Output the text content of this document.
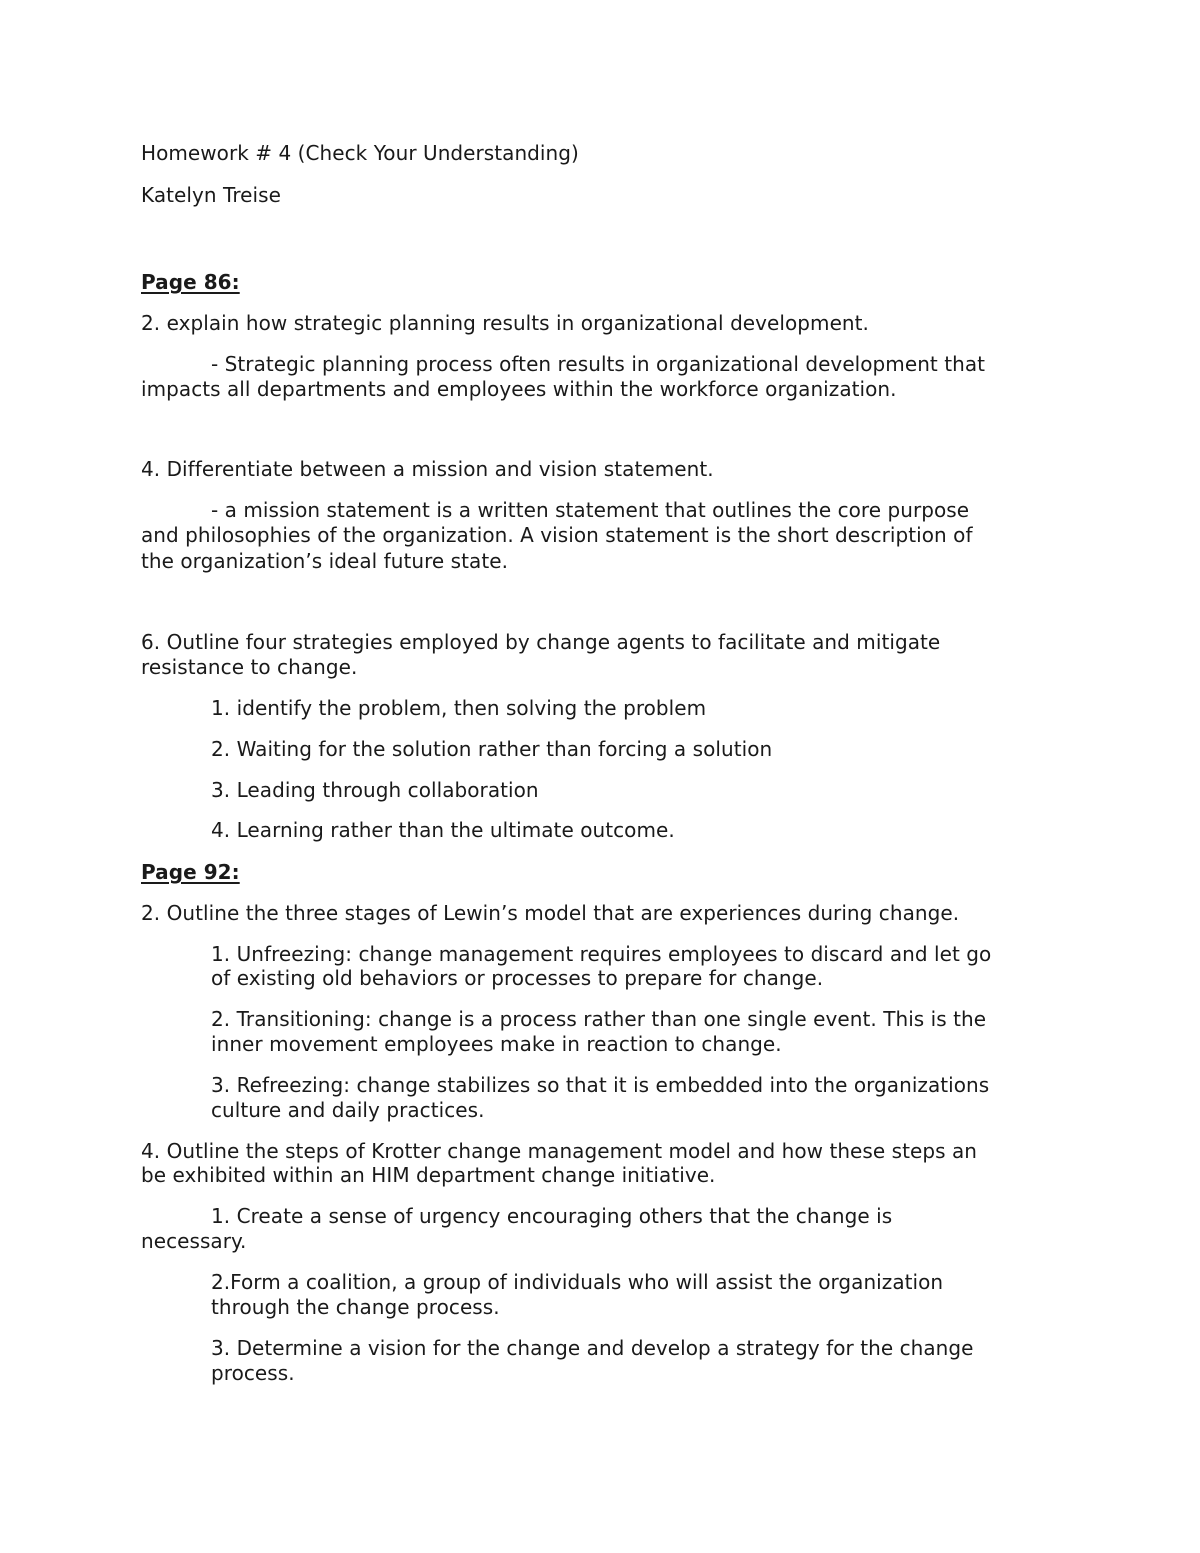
Homework # 4 (Check Your Understanding)
Katelyn Treise
Page 86:
2. explain how strategic planning results in organizational development.
- Strategic planning process often results in organizational development that
impacts all departments and employees within the workforce organization.
4. Differentiate between a mission and vision statement.
- a mission statement is a written statement that outlines the core purpose
and philosophies of the organization. A vision statement is the short description of
the organization’s ideal future state.
6. Outline four strategies employed by change agents to facilitate and mitigate
resistance to change.
1. identify the problem, then solving the problem
2. Waiting for the solution rather than forcing a solution
3. Leading through collaboration
4. Learning rather than the ultimate outcome.
Page 92:
2. Outline the three stages of Lewin’s model that are experiences during change.
1. Unfreezing: change management requires employees to discard and let go
of existing old behaviors or processes to prepare for change.
2. Transitioning: change is a process rather than one single event. This is the
inner movement employees make in reaction to change.
3. Refreezing: change stabilizes so that it is embedded into the organizations
culture and daily practices.
4. Outline the steps of Krotter change management model and how these steps an
be exhibited within an HIM department change initiative.
1. Create a sense of urgency encouraging others that the change is
necessary.
2.Form a coalition, a group of individuals who will assist the organization
through the change process.
3. Determine a vision for the change and develop a strategy for the change
process.
